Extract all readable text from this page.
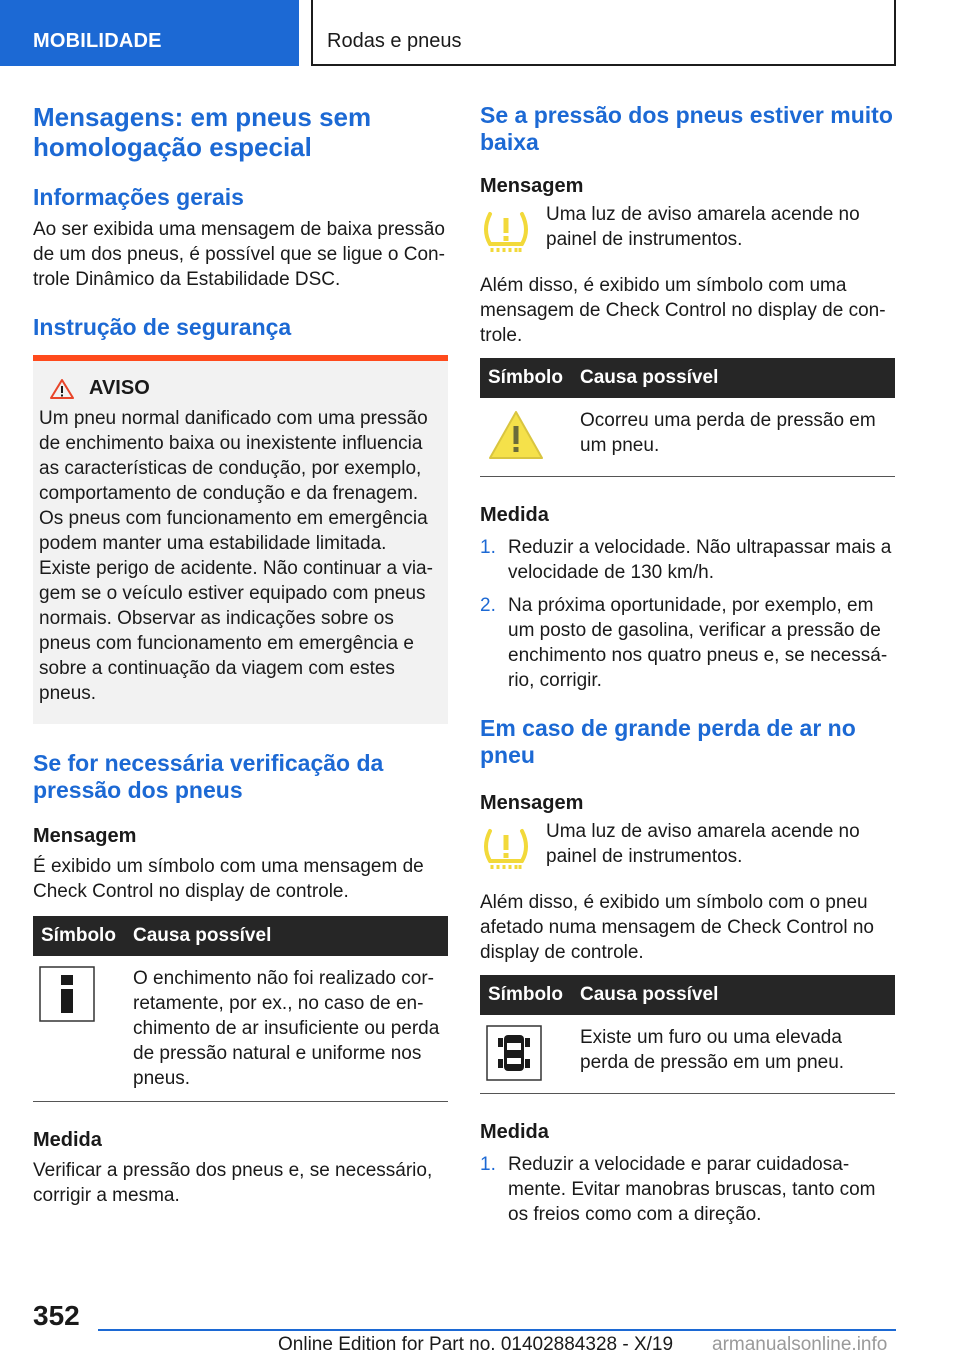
MOBILIDADE	Rodas e pneus
Mensagens: em pneus sem homologação especial
Informações gerais
Ao ser exibida uma mensagem de baixa pressão de um dos pneus, é possível que se ligue o Controle Dinâmico da Estabilidade DSC.
Instrução de segurança
AVISO
Um pneu normal danificado com uma pressão de enchimento baixa ou inexistente influencia as características de condução, por exemplo, comportamento de condução e da frenagem. Os pneus com funcionamento em emergência podem manter uma estabilidade limitada. Existe perigo de acidente. Não continuar a viagem se o veículo estiver equipado com pneus normais. Observar as indicações sobre os pneus com funcionamento em emergência e sobre a continuação da viagem com estes pneus.
Se for necessária verificação da pressão dos pneus
Mensagem
É exibido um símbolo com uma mensagem de Check Control no display de controle.
Símbolo Causa possível
O enchimento não foi realizado corretamente, por ex., no caso de enchimento de ar insuficiente ou perda de pressão natural e uniforme nos pneus.
Medida
Verificar a pressão dos pneus e, se necessário, corrigir a mesma.
Se a pressão dos pneus estiver muito baixa
Mensagem
Uma luz de aviso amarela acende no painel de instrumentos.
Além disso, é exibido um símbolo com uma mensagem de Check Control no display de controle.
Símbolo Causa possível
Ocorreu uma perda de pressão em um pneu.
Medida
1. Reduzir a velocidade. Não ultrapassar mais a velocidade de 130 km/h.
2. Na próxima oportunidade, por exemplo, em um posto de gasolina, verificar a pressão de enchimento nos quatro pneus e, se necessário, corrigir.
Em caso de grande perda de ar no pneu
Mensagem
Uma luz de aviso amarela acende no painel de instrumentos.
Além disso, é exibido um símbolo com o pneu afetado numa mensagem de Check Control no display de controle.
Símbolo Causa possível
Existe um furo ou uma elevada perda de pressão em um pneu.
Medida
1. Reduzir a velocidade e parar cuidadosamente. Evitar manobras bruscas, tanto com os freios como com a direção.
352
Online Edition for Part no. 01402884328 - X/19 armanualsonline.info
